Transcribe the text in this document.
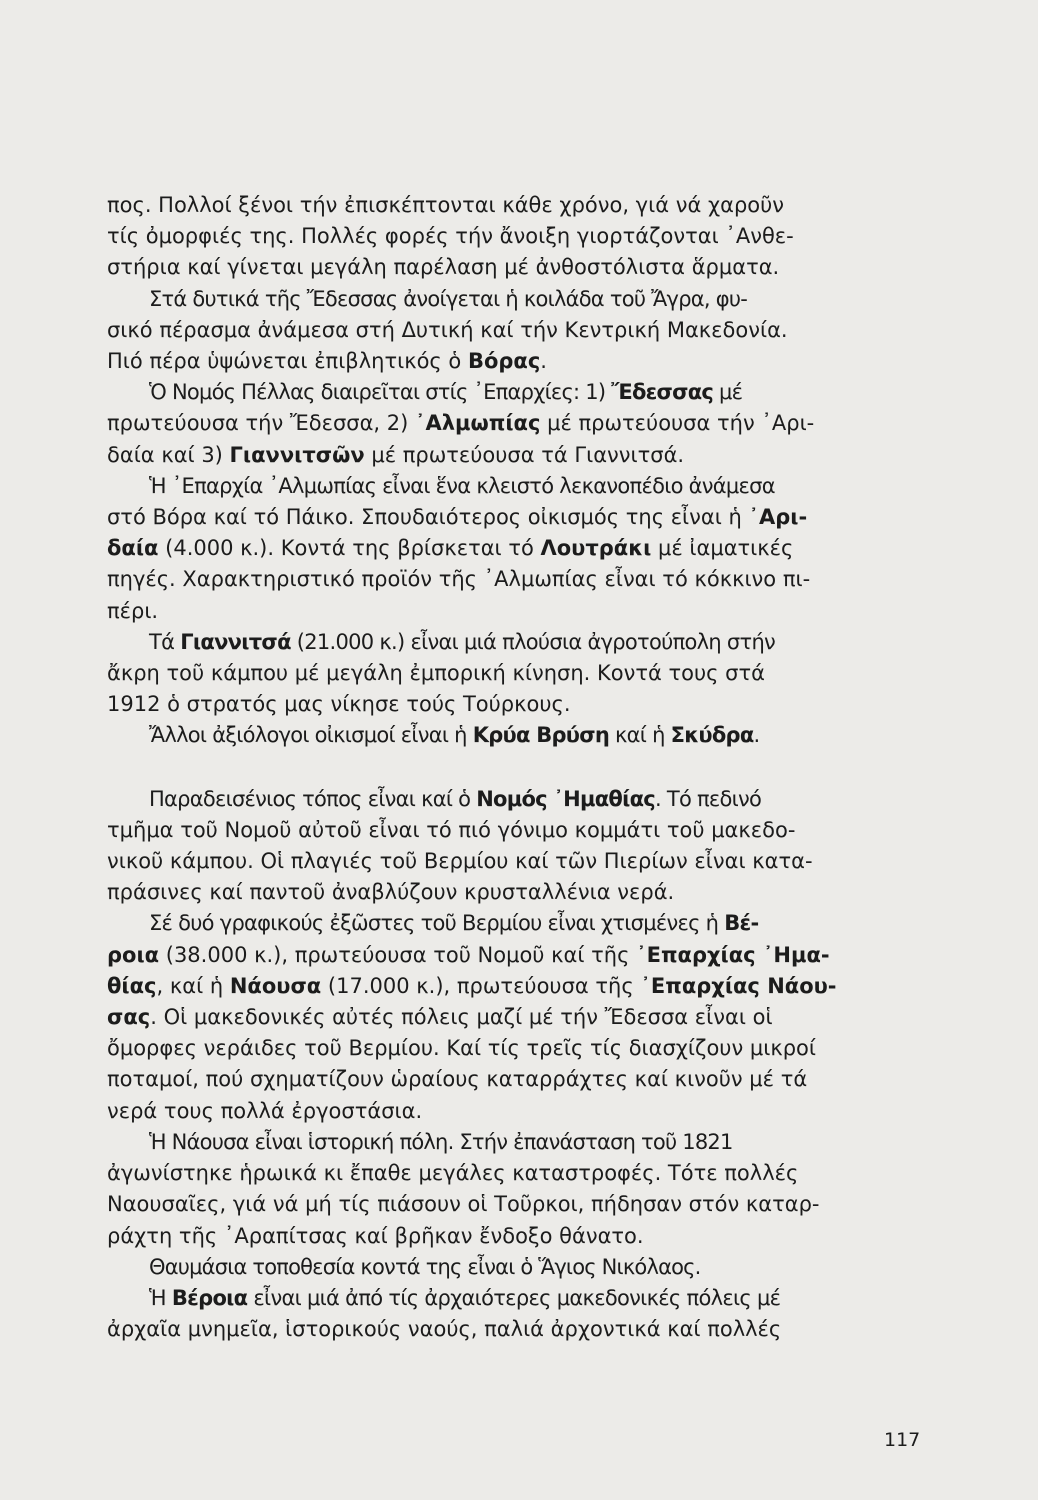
πος. Πολλοί ξένοι τήν ἐπισκέπτονται κάθε χρόνο, γιά νά χαροῦν
τίς ὀμορφιές της. Πολλές φορές τήν ἄνοιξη γιορτάζονται ᾿Ανθε-
στήρια καί γίνεται μεγάλη παρέλαση μέ ἀνθοστόλιστα ἅρματα.
Στά δυτικά τῆς Ἔδεσσας ἀνοίγεται ἡ κοιλάδα τοῦ Ἄγρα, φυ-
σικό πέρασμα ἀνάμεσα στή Δυτική καί τήν Κεντρική Μακεδονία.
Πιό πέρα ὑψώνεται ἐπιβλητικός ὁ Βόρας.
Ὁ Νομός Πέλλας διαιρεῖται στίς ᾿Επαρχίες: 1) Ἔδεσσας μέ
πρωτεύουσα τήν Ἔδεσσα, 2) ᾿Αλμωπίας μέ πρωτεύουσα τήν ᾿Αρι-
δαία καί 3) Γιαννιτσῶν μέ πρωτεύουσα τά Γιαννιτσά.
Ἡ ᾿Επαρχία ᾿Αλμωπίας εἶναι ἕνα κλειστό λεκανοπέδιο ἀνάμεσα
στό Βόρα καί τό Πάικο. Σπουδαιότερος οἰκισμός της εἶναι ἡ ᾿Αρι-
δαία (4.000 κ.). Κοντά της βρίσκεται τό Λουτράκι μέ ἰαματικές
πηγές. Χαρακτηριστικό προϊόν τῆς ᾿Αλμωπίας εἶναι τό κόκκινο πι-
πέρι.
Τά Γιαννιτσά (21.000 κ.) εἶναι μιά πλούσια ἀγροτούπολη στήν
ἄκρη τοῦ κάμπου μέ μεγάλη ἐμπορική κίνηση. Κοντά τους στά
1912 ὁ στρατός μας νίκησε τούς Τούρκους.
Ἄλλοι ἀξιόλογοι οἰκισμοί εἶναι ἡ Κρύα Βρύση καί ἡ Σκύδρα.
Παραδεισένιος τόπος εἶναι καί ὁ Νομός ᾿Ημαθίας. Τό πεδινό
τμῆμα τοῦ Νομοῦ αὐτοῦ εἶναι τό πιό γόνιμο κομμάτι τοῦ μακεδο-
νικοῦ κάμπου. Οἱ πλαγιές τοῦ Βερμίου καί τῶν Πιερίων εἶναι κατα-
πράσινες καί παντοῦ ἀναβλύζουν κρυσταλλένια νερά.
Σέ δυό γραφικούς ἐξῶστες τοῦ Βερμίου εἶναι χτισμένες ἡ Βέ-
ροια (38.000 κ.), πρωτεύουσα τοῦ Νομοῦ καί τῆς ᾿Επαρχίας ᾿Ημα-
θίας, καί ἡ Νάουσα (17.000 κ.), πρωτεύουσα τῆς ᾿Επαρχίας Νάου-
σας. Οἱ μακεδονικές αὐτές πόλεις μαζί μέ τήν Ἔδεσσα εἶναι οἱ
ὄμορφες νεράιδες τοῦ Βερμίου. Καί τίς τρεῖς τίς διασχίζουν μικροί
ποταμοί, πού σχηματίζουν ὡραίους καταρράχτες καί κινοῦν μέ τά
νερά τους πολλά ἐργοστάσια.
Ἡ Νάουσα εἶναι ἱστορική πόλη. Στήν ἐπανάσταση τοῦ 1821
ἀγωνίστηκε ἡρωικά κι ἔπαθε μεγάλες καταστροφές. Τότε πολλές
Ναουσαῖες, γιά νά μή τίς πιάσουν οἱ Τοῦρκοι, πήδησαν στόν καταρ-
ράχτη τῆς ᾿Αραπίτσας καί βρῆκαν ἔνδοξο θάνατο.
Θαυμάσια τοποθεσία κοντά της εἶναι ὁ Ἅγιος Νικόλαος.
Ἡ Βέροια εἶναι μιά ἀπό τίς ἀρχαιότερες μακεδονικές πόλεις μέ
ἀρχαῖα μνημεῖα, ἱστορικούς ναούς, παλιά ἀρχοντικά καί πολλές
117
